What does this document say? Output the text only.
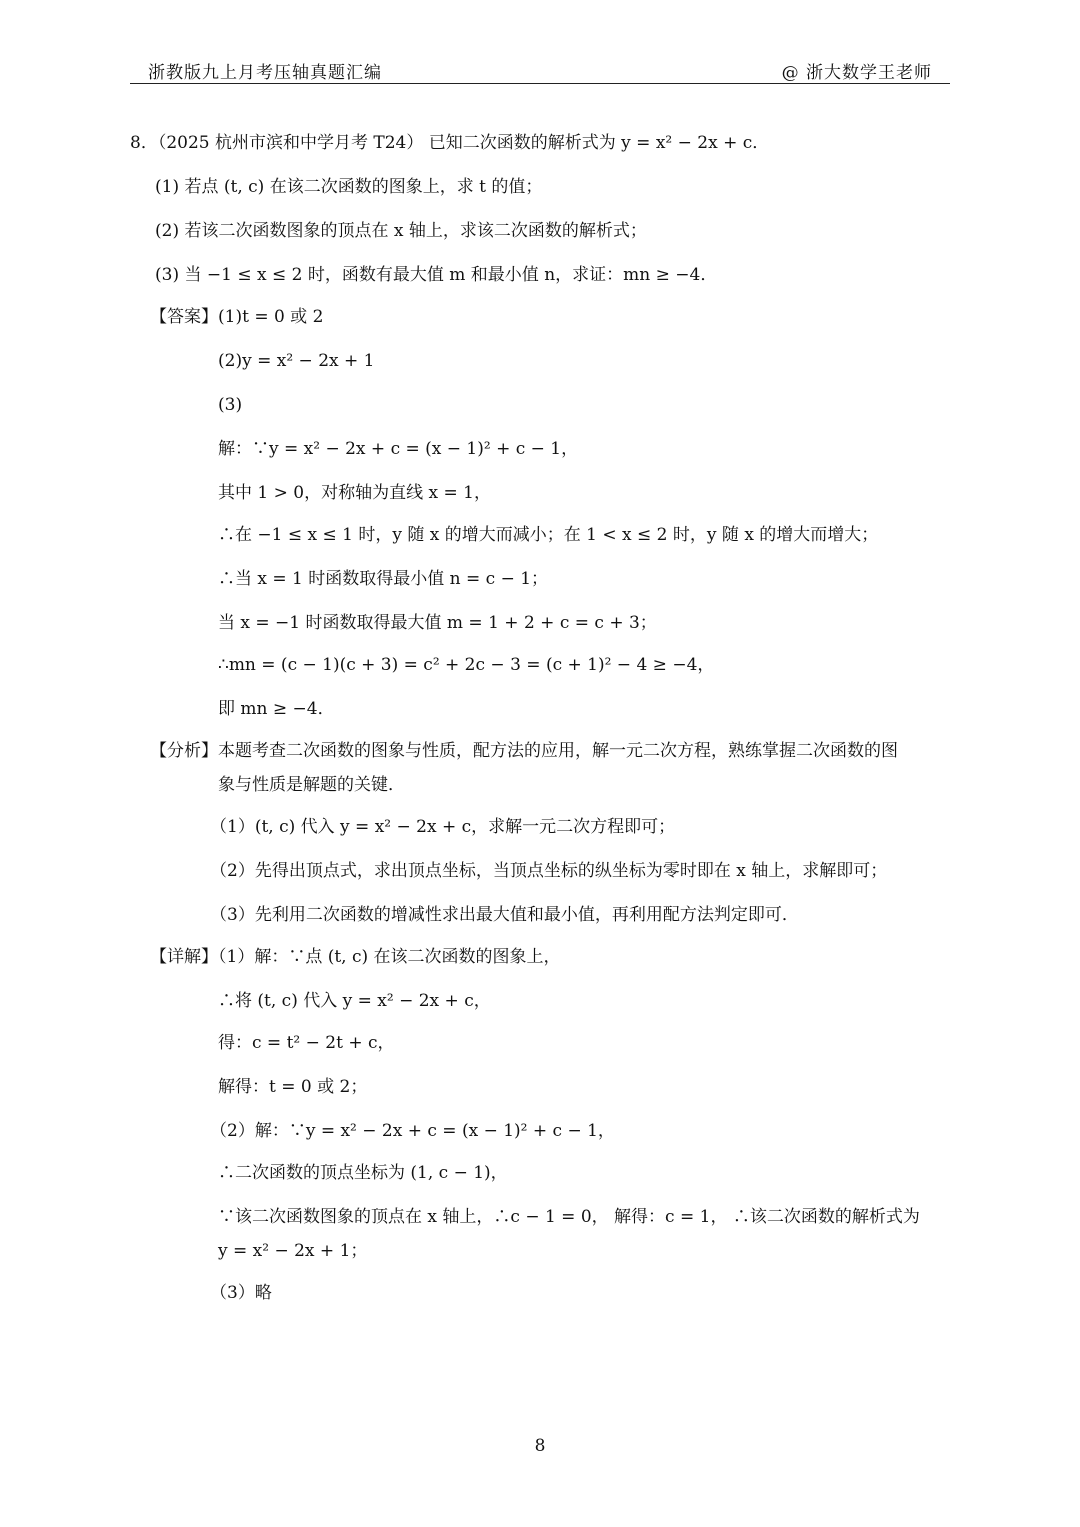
浙教版九上月考压轴真题汇编	@ 浙大数学王老师
8．（2025 杭州市滨和中学月考 T24） 已知二次函数的解析式为 y = x² − 2x + c．
(1) 若点 (t, c) 在该二次函数的图象上，求 t 的值；
(2) 若该二次函数图象的顶点在 x 轴上，求该二次函数的解析式；
(3) 当 −1 ≤ x ≤ 2 时，函数有最大值 m 和最小值 n，求证：mn ≥ −4．
【答案】(1)t = 0 或 2
(2)y = x² − 2x + 1
(3)
解：∵y = x² − 2x + c = (x − 1)² + c − 1，
其中 1 > 0，对称轴为直线 x = 1，
∴在 −1 ≤ x ≤ 1 时，y 随 x 的增大而减小；在 1 < x ≤ 2 时，y 随 x 的增大而增大；
∴当 x = 1 时函数取得最小值 n = c − 1；
当 x = −1 时函数取得最大值 m = 1 + 2 + c = c + 3；
∴mn = (c − 1)(c + 3) = c² + 2c − 3 = (c + 1)² − 4 ≥ −4，
即 mn ≥ −4．
【分析】本题考查二次函数的图象与性质，配方法的应用，解一元二次方程，熟练掌握二次函数的图
象与性质是解题的关键．
（1）(t, c) 代入 y = x² − 2x + c，求解一元二次方程即可；
（2）先得出顶点式，求出顶点坐标，当顶点坐标的纵坐标为零时即在 x 轴上，求解即可；
（3）先利用二次函数的增减性求出最大值和最小值，再利用配方法判定即可．
【详解】（1）解：∵点 (t, c) 在该二次函数的图象上，
∴将 (t, c) 代入 y = x² − 2x + c，
得：c = t² − 2t + c，
解得：t = 0 或 2；
（2）解：∵y = x² − 2x + c = (x − 1)² + c − 1，
∴二次函数的顶点坐标为 (1, c − 1)，
∵该二次函数图象的顶点在 x 轴上，∴c − 1 = 0， 解得：c = 1， ∴该二次函数的解析式为
y = x² − 2x + 1；
（3）略
8
